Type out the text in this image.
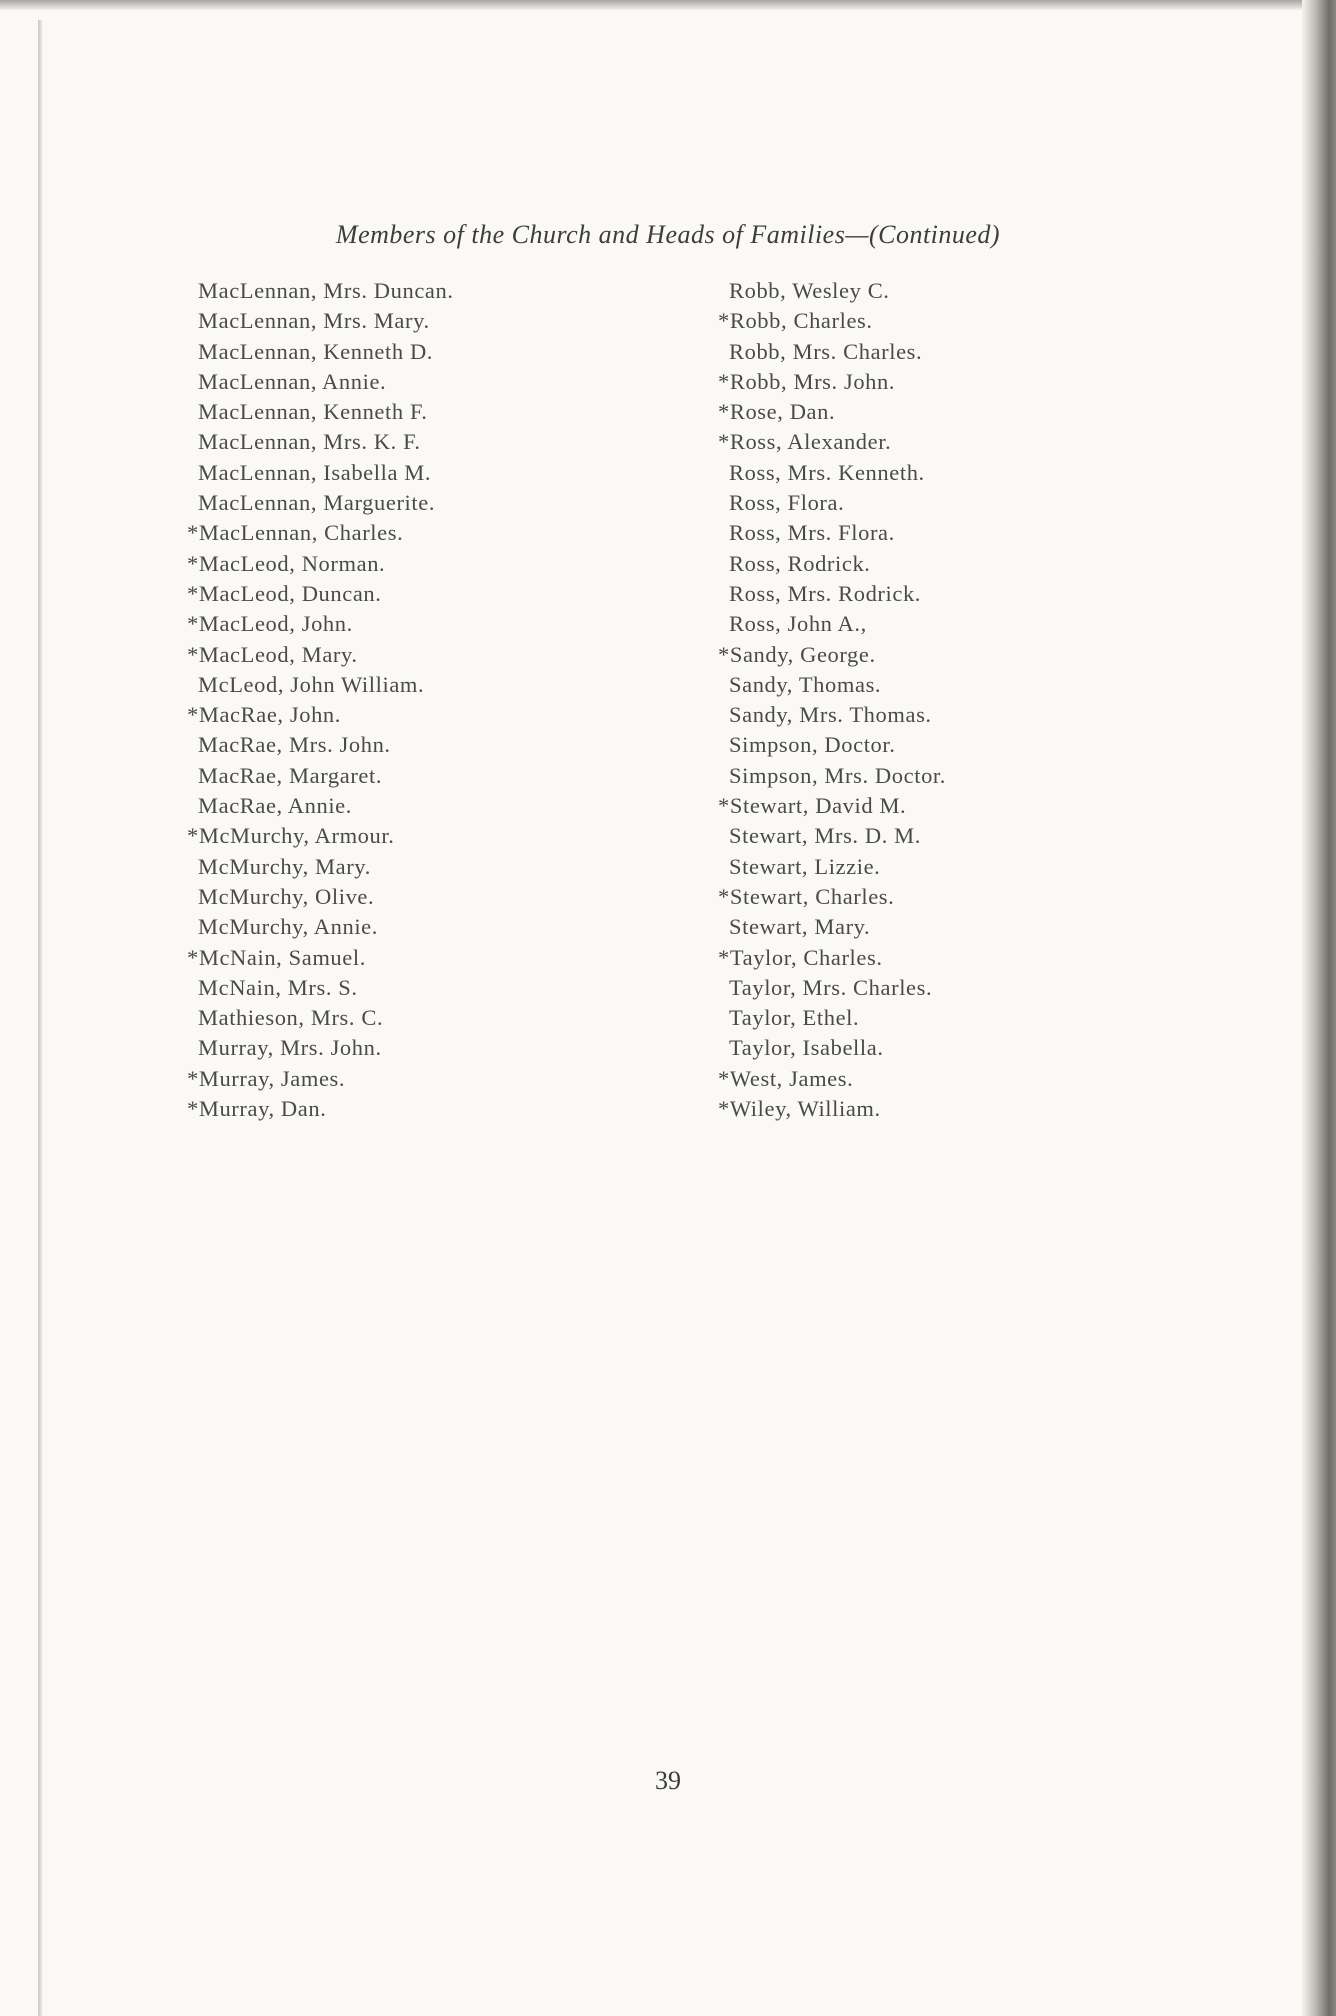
Members of the Church and Heads of Families—(Continued)
MacLennan, Mrs. Duncan.
MacLennan, Mrs. Mary.
MacLennan, Kenneth D.
MacLennan, Annie.
MacLennan, Kenneth F.
MacLennan, Mrs. K. F.
MacLennan, Isabella M.
MacLennan, Marguerite.
*MacLennan, Charles.
*MacLeod, Norman.
*MacLeod, Duncan.
*MacLeod, John.
*MacLeod, Mary.
McLeod, John William.
*MacRae, John.
MacRae, Mrs. John.
MacRae, Margaret.
MacRae, Annie.
*McMurchy, Armour.
McMurchy, Mary.
McMurchy, Olive.
McMurchy, Annie.
*McNain, Samuel.
McNain, Mrs. S.
Mathieson, Mrs. C.
Murray, Mrs. John.
*Murray, James.
*Murray, Dan.
Robb, Wesley C.
*Robb, Charles.
Robb, Mrs. Charles.
*Robb, Mrs. John.
*Rose, Dan.
*Ross, Alexander.
Ross, Mrs. Kenneth.
Ross, Flora.
Ross, Mrs. Flora.
Ross, Rodrick.
Ross, Mrs. Rodrick.
Ross, John A.,
*Sandy, George.
Sandy, Thomas.
Sandy, Mrs. Thomas.
Simpson, Doctor.
Simpson, Mrs. Doctor.
*Stewart, David M.
Stewart, Mrs. D. M.
Stewart, Lizzie.
*Stewart, Charles.
Stewart, Mary.
*Taylor, Charles.
Taylor, Mrs. Charles.
Taylor, Ethel.
Taylor, Isabella.
*West, James.
*Wiley, William.
39
